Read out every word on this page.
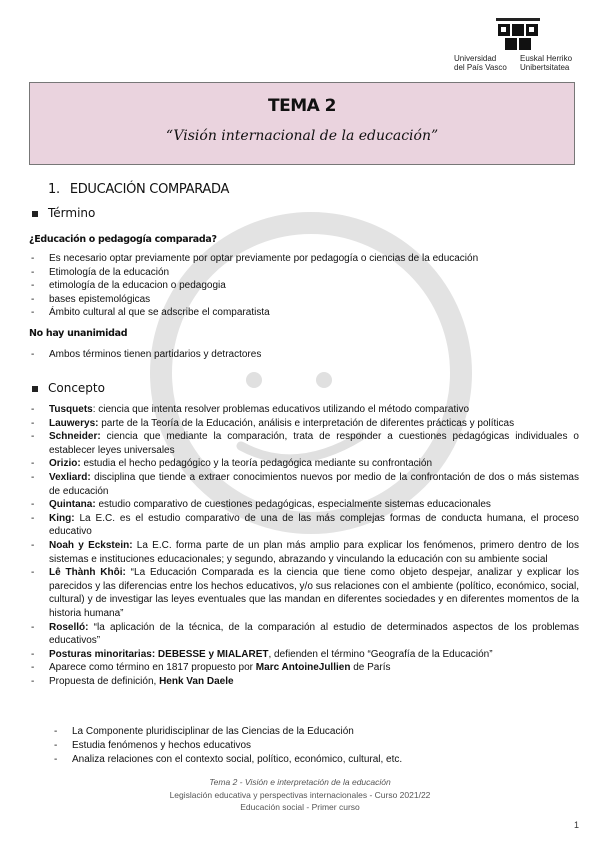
Universidad
del País Vasco
Euskal Herriko
Unibertsitatea
TEMA 2
“Visión internacional de la educación”
1. EDUCACIÓN COMPARADA
Término
¿Educación o pedagogía comparada?
- Es necesario optar previamente por optar previamente por pedagogía o ciencias de la educación
- Etimología de la educación
- etimología de la educacion o pedagogia
- bases epistemológicas
- Ámbito cultural al que se adscribe el comparatista
No hay unanimidad
- Ambos términos tienen partidarios y detractores
Concepto
- Tusquets: ciencia que intenta resolver problemas educativos utilizando el método comparativo
- Lauwerys: parte de la Teoría de la Educación, análisis e interpretación de diferentes prácticas y políticas
- Schneider: ciencia que mediante la comparación, trata de responder a cuestiones pedagógicas individuales o establecer leyes universales
- Orizio: estudia el hecho pedagógico y la teoría pedagógica mediante su confrontación
- Vexliard: disciplina que tiende a extraer conocimientos nuevos por medio de la confrontación de dos o más sistemas de educación
- Quintana: estudio comparativo de cuestiones pedagógicas, especialmente sistemas educacionales
- King: La E.C. es el estudio comparativo de una de las más complejas formas de conducta humana, el proceso educativo
- Noah y Eckstein: La E.C. forma parte de un plan más amplio para explicar los fenómenos, primero dentro de los sistemas e instituciones educacionales; y segundo, abrazando y vinculando la educación con su ambiente social
- Lê Thành Khôi: “La Educación Comparada es la ciencia que tiene como objeto despejar, analizar y explicar los parecidos y las diferencias entre los hechos educativos, y/o sus relaciones con el ambiente (político, económico, social, cultural) y de investigar las leyes eventuales que las mandan en diferentes sociedades y en diferentes momentos de la historia humana”
- Roselló: “la aplicación de la técnica, de la comparación al estudio de determinados aspectos de los problemas educativos”
- Posturas minoritarias: DEBESSE y MIALARET, defienden el término “Geografía de la Educación”
- Aparece como término en 1817 propuesto por Marc AntoineJullien de París
- Propuesta de definición, Henk Van Daele
- La Componente pluridisciplinar de las Ciencias de la Educación
- Estudia fenómenos y hechos educativos
- Analiza relaciones con el contexto social, político, económico, cultural, etc.
Tema 2 - Visión e interpretación de la educación
Legislación educativa y perspectivas internacionales - Curso 2021/22
Educación social - Primer curso
1
